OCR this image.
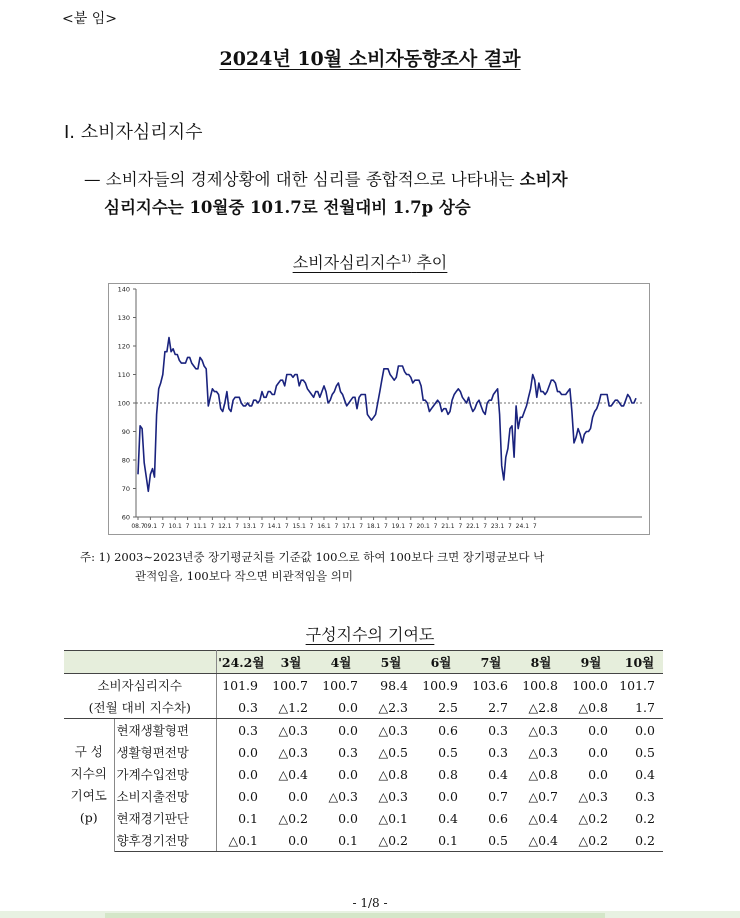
<붙 임>
2024년 10월 소비자동향조사 결과
Ⅰ. 소비자심리지수
— 소비자들의 경제상황에 대한 심리를 종합적으로 나타내는 소비자
심리지수는 10월중 101.7로 전월대비 1.7p 상승
소비자심리지수$^{1)}$ 추이
60
70
80
90
100
110
120
130
140
08.7 09.1 7 10.1 7 11.1 7 12.1 7 13.1 7 14.1 7 15.1 7 16.1 7 17.1 7 18.1 7 19.1 7 20.1 7 21.1 7 22.1 7 23.1 7 24.1 7
주: 1) 2003∼2023년중 장기평균치를 기준값 100으로 하여 100보다 크면 장기평균보다 낙
관적임을, 100보다 작으면 비관적임을 의미
구성지수의 기여도
		'24.2월	3월	4월	5월	6월	7월	8월	9월	10월
소비자심리지수		101.9	100.7	100.7	98.4	100.9	103.6	100.8	100.0	101.7
(전월 대비 지수차)		0.3	△1.2	0.0	△2.3	2.5	2.7	△2.8	△0.8	1.7

구 성
지수의
기여도
(p)	현재생활형편	0.3	△0.3	0.0	△0.3	0.6	0.3	△0.3	0.0	0.0
	생활형편전망	0.0	△0.3	0.3	△0.5	0.5	0.3	△0.3	0.0	0.5
	가계수입전망	0.0	△0.4	0.0	△0.8	0.8	0.4	△0.8	0.0	0.4
	소비지출전망	0.0	0.0	△0.3	△0.3	0.0	0.7	△0.7	△0.3	0.3
	현재경기판단	0.1	△0.2	0.0	△0.1	0.4	0.6	△0.4	△0.2	0.2
	향후경기전망	△0.1	0.0	0.1	△0.2	0.1	0.5	△0.4	△0.2	0.2
- 1/8 -
